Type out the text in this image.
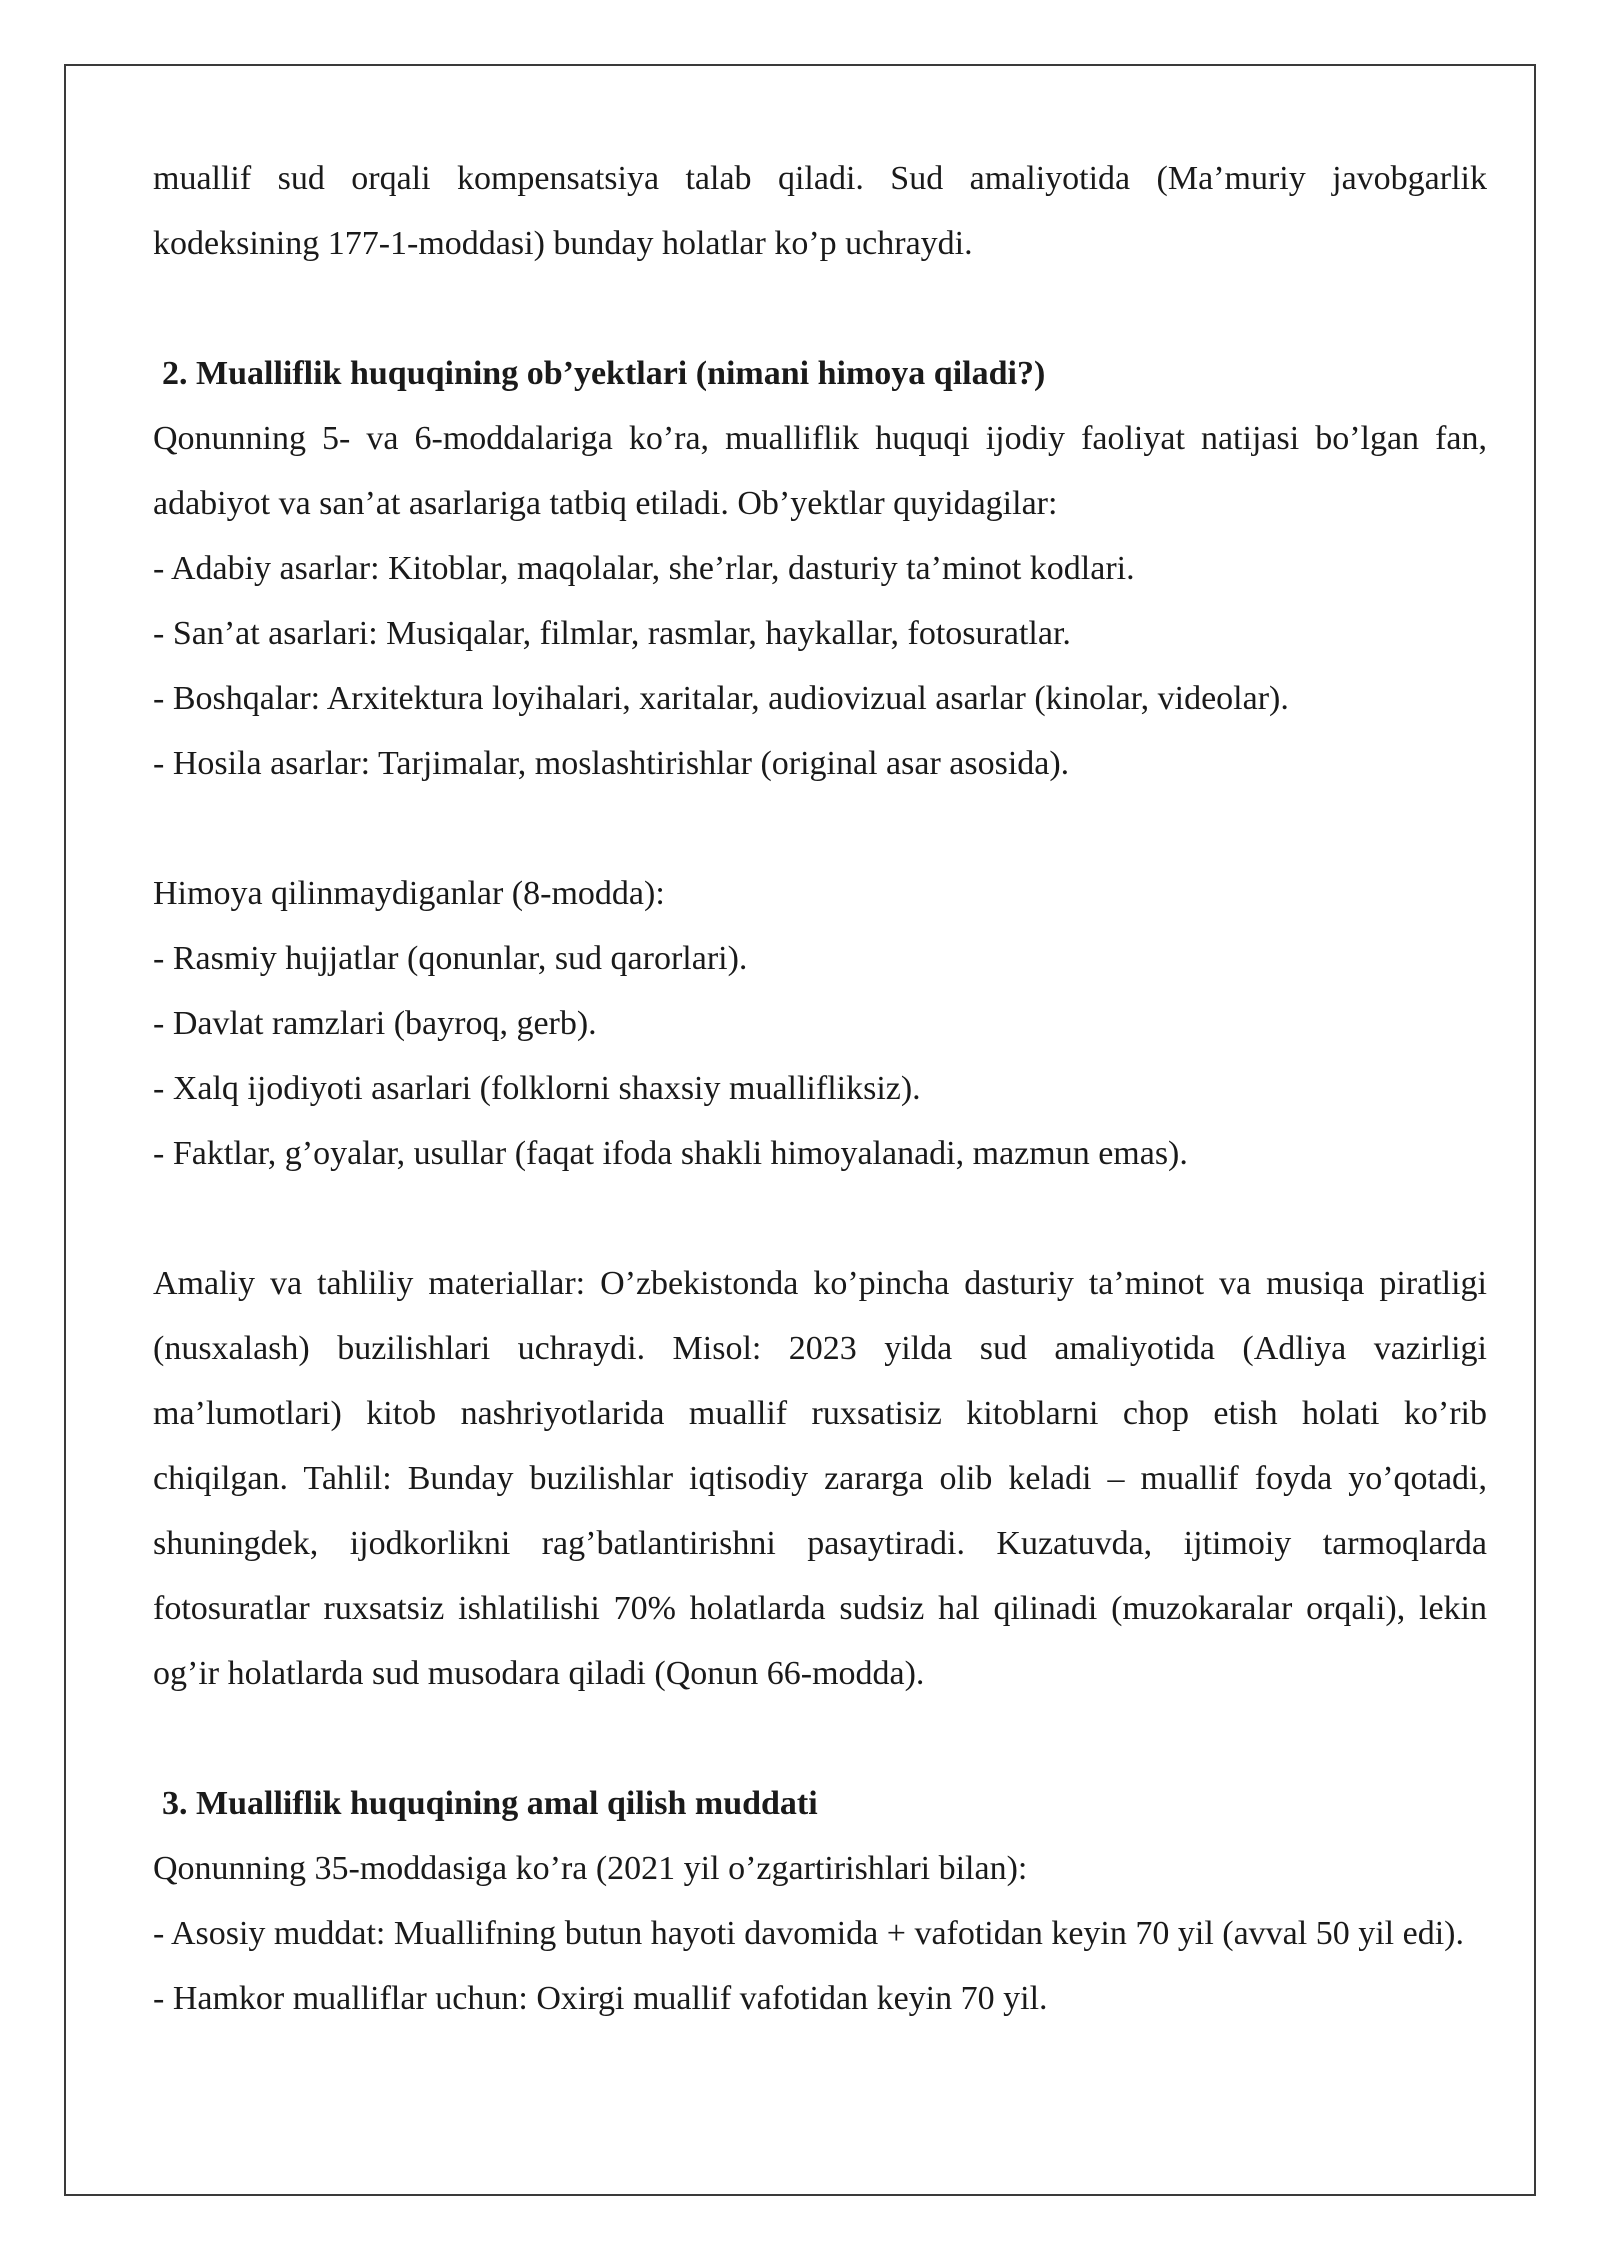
muallif sud orqali kompensatsiya talab qiladi. Sud amaliyotida (Ma’muriy javobgarlik kodeksining 177-1-moddasi) bunday holatlar ko’p uchraydi.

2. Mualliflik huquqining ob’yektlari (nimani himoya qiladi?)

Qonunning 5- va 6-moddalariga ko’ra, mualliflik huquqi ijodiy faoliyat natijasi bo’lgan fan, adabiyot va san’at asarlariga tatbiq etiladi. Ob’yektlar quyidagilar:

- Adabiy asarlar: Kitoblar, maqolalar, she’rlar, dasturiy ta’minot kodlari.

- San’at asarlari: Musiqalar, filmlar, rasmlar, haykallar, fotosuratlar.

- Boshqalar: Arxitektura loyihalari, xaritalar, audiovizual asarlar (kinolar, videolar).

- Hosila asarlar: Tarjimalar, moslashtirishlar (original asar asosida).

Himoya qilinmaydiganlar (8-modda):

- Rasmiy hujjatlar (qonunlar, sud qarorlari).

- Davlat ramzlari (bayroq, gerb).

- Xalq ijodiyoti asarlari (folklorni shaxsiy muallifliksiz).

- Faktlar, g’oyalar, usullar (faqat ifoda shakli himoyalanadi, mazmun emas).

Amaliy va tahliliy materiallar: O’zbekistonda ko’pincha dasturiy ta’minot va musiqa piratligi (nusxalash) buzilishlari uchraydi. Misol: 2023 yilda sud amaliyotida (Adliya vazirligi ma’lumotlari) kitob nashriyotlarida muallif ruxsatisiz kitoblarni chop etish holati ko’rib chiqilgan. Tahlil: Bunday buzilishlar iqtisodiy zararga olib keladi – muallif foyda yo’qotadi, shuningdek, ijodkorlikni rag’batlantirishni pasaytiradi. Kuzatuvda, ijtimoiy tarmoqlarda fotosuratlar ruxsatsiz ishlatilishi 70% holatlarda sudsiz hal qilinadi (muzokaralar orqali), lekin og’ir holatlarda sud musodara qiladi (Qonun 66-modda).

3. Mualliflik huquqining amal qilish muddati

Qonunning 35-moddasiga ko’ra (2021 yil o’zgartirishlari bilan):

- Asosiy muddat: Muallifning butun hayoti davomida + vafotidan keyin 70 yil (avval 50 yil edi).

- Hamkor mualliflar uchun: Oxirgi muallif vafotidan keyin 70 yil.
